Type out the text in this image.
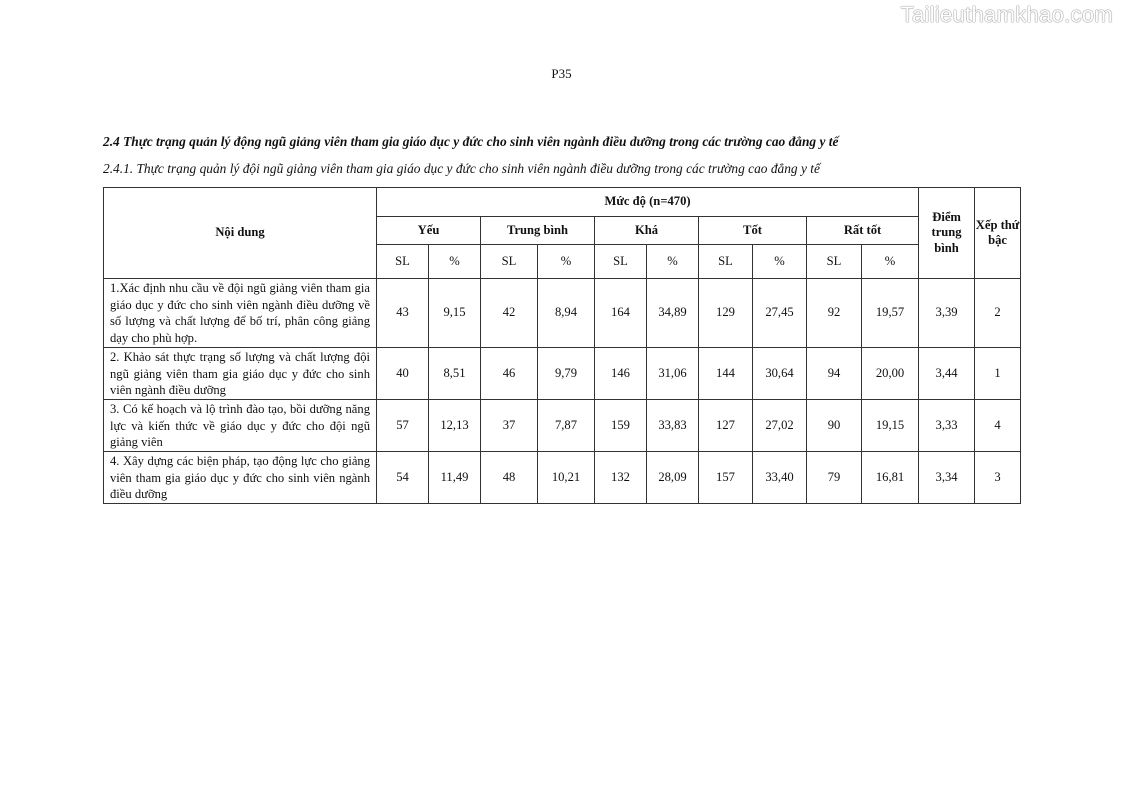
Tailieuthamkhao.com
P35
2.4 Thực trạng quản lý động ngũ giảng viên tham gia giáo dục y đức cho sinh viên ngành điều dưỡng trong các trường cao đẳng y tế
2.4.1. Thực trạng quản lý đội ngũ giảng viên tham gia giáo dục y đức cho sinh viên ngành điều dưỡng trong các trường cao đẳng y tế
Nội dung	Mức độ (n=470)										Điểm trung bình	Xếp thứ bậc
	Yếu		Trung bình		Khá		Tốt		Rất tốt			
	SL	%	SL	%	SL	%	SL	%	SL	%		
1.Xác định nhu cầu về đội ngũ giảng viên tham gia giáo dục y đức cho sinh viên ngành điều dưỡng về số lượng và chất lượng để bố trí, phân công giảng dạy cho phù hợp.	43	9,15	42	8,94	164	34,89	129	27,45	92	19,57	3,39	2
2. Khảo sát thực trạng số lượng và chất lượng đội ngũ giảng viên tham gia giáo dục y đức cho sinh viên ngành điều dưỡng	40	8,51	46	9,79	146	31,06	144	30,64	94	20,00	3,44	1
3. Có kế hoạch và lộ trình đào tạo, bồi dưỡng năng lực và kiến thức về giáo dục y đức cho đội ngũ giảng viên	57	12,13	37	7,87	159	33,83	127	27,02	90	19,15	3,33	4
4. Xây dựng các biện pháp, tạo động lực cho giảng viên tham gia giáo dục y đức cho sinh viên ngành điều dưỡng	54	11,49	48	10,21	132	28,09	157	33,40	79	16,81	3,34	3
